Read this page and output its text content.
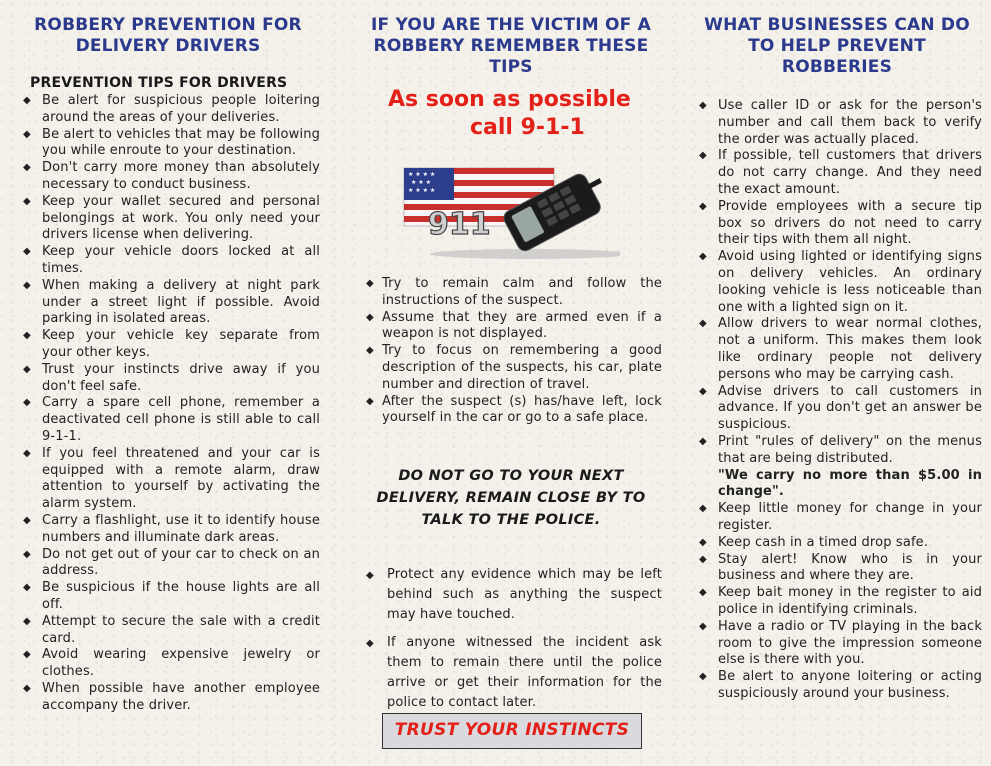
ROBBERY PREVENTION FOR DELIVERY DRIVERS
PREVENTION TIPS FOR DRIVERS
◆ Be alert for suspicious people loitering around the areas of your deliveries.
◆ Be alert to vehicles that may be following you while enroute to your destination.
◆ Don't carry more money than absolutely necessary to conduct business.
◆ Keep your wallet secured and personal belongings at work. You only need your drivers license when delivering.
◆ Keep your vehicle doors locked at all times.
◆ When making a delivery at night park under a street light if possible. Avoid parking in isolated areas.
◆ Keep your vehicle key separate from your other keys.
◆ Trust your instincts drive away if you don't feel safe.
◆ Carry a spare cell phone, remember a deactivated cell phone is still able to call 9-1-1.
◆ If you feel threatened and your car is equipped with a remote alarm, draw attention to yourself by activating the alarm system.
◆ Carry a flashlight, use it to identify house numbers and illuminate dark areas.
◆ Do not get out of your car to check on an address.
◆ Be suspicious if the house lights are all off.
◆ Attempt to secure the sale with a credit card.
◆ Avoid wearing expensive jewelry or clothes.
◆ When possible have another employee accompany the driver.
IF YOU ARE THE VICTIM OF A ROBBERY REMEMBER THESE TIPS
As soon as possible
call 9-1-1
★ ★ ★ ★
★ ★ ★
★ ★ ★ ★
911
◆ Try to remain calm and follow the instructions of the suspect.
◆ Assume that they are armed even if a weapon is not displayed.
◆ Try to focus on remembering a good description of the suspects, his car, plate number and direction of travel.
◆ After the suspect (s) has/have left, lock yourself in the car or go to a safe place.
DO NOT GO TO YOUR NEXT DELIVERY, REMAIN CLOSE BY TO TALK TO THE POLICE.
◆ Protect any evidence which may be left behind such as anything the suspect may have touched.
◆ If anyone witnessed the incident ask them to remain there until the police arrive or get their information for the police to contact later.
TRUST YOUR INSTINCTS
WHAT BUSINESSES CAN DO TO HELP PREVENT ROBBERIES
◆ Use caller ID or ask for the person's number and call them back to verify the order was actually placed.
◆ If possible, tell customers that drivers do not carry change. And they need the exact amount.
◆ Provide employees with a secure tip box so drivers do not need to carry their tips with them all night.
◆ Avoid using lighted or identifying signs on delivery vehicles. An ordinary looking vehicle is less noticeable than one with a lighted sign on it.
◆ Allow drivers to wear normal clothes, not a uniform. This makes them look like ordinary people not delivery persons who may be carrying cash.
◆ Advise drivers to call customers in advance. If you don't get an answer be suspicious.
◆ Print "rules of delivery" on the menus that are being distributed.
"We carry no more than $5.00 in change".
◆ Keep little money for change in your register.
◆ Keep cash in a timed drop safe.
◆ Stay alert! Know who is in your business and where they are.
◆ Keep bait money in the register to aid police in identifying criminals.
◆ Have a radio or TV playing in the back room to give the impression someone else is there with you.
◆ Be alert to anyone loitering or acting suspiciously around your business.
